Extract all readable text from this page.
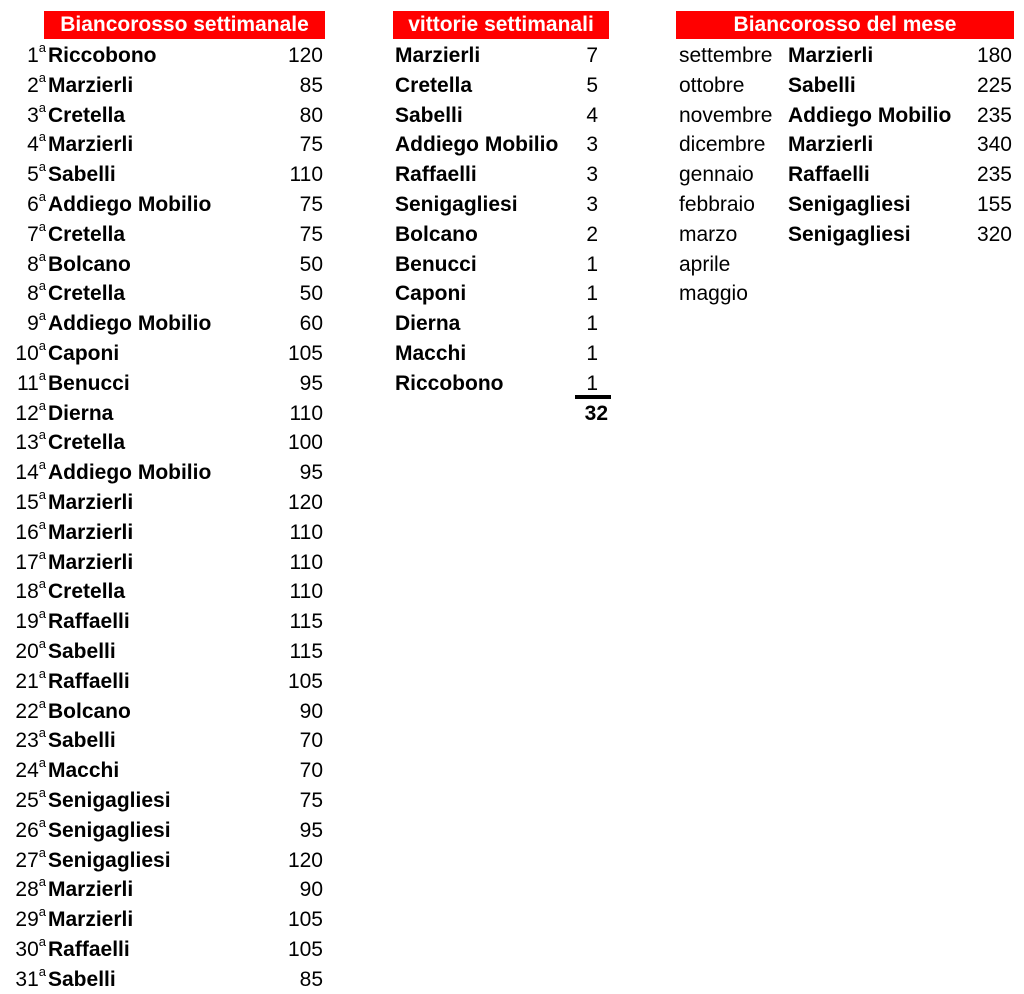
Biancorosso settimanale	vittorie settimanali	Biancorosso del mese
1$^a$ Riccobono	120
2$^a$ Marzierli	85
3$^a$ Cretella	80
4$^a$ Marzierli	75
5$^a$ Sabelli	110
6$^a$ Addiego Mobilio	75
7$^a$ Cretella	75
8$^a$ Bolcano	50
8$^a$ Cretella	50
9$^a$ Addiego Mobilio	60
10$^a$ Caponi	105
11$^a$ Benucci	95
12$^a$ Dierna	110
13$^a$ Cretella	100
14$^a$ Addiego Mobilio	95
15$^a$ Marzierli	120
16$^a$ Marzierli	110
17$^a$ Marzierli	110
18$^a$ Cretella	110
19$^a$ Raffaelli	115
20$^a$ Sabelli	115
21$^a$ Raffaelli	105
22$^a$ Bolcano	90
23$^a$ Sabelli	70
24$^a$ Macchi	70
25$^a$ Senigagliesi	75
26$^a$ Senigagliesi	95
27$^a$ Senigagliesi	120
28$^a$ Marzierli	90
29$^a$ Marzierli	105
30$^a$ Raffaelli	105
31$^a$ Sabelli	85
Marzierli	7
Cretella	5
Sabelli	4
Addiego Mobilio	3
Raffaelli	3
Senigagliesi	3
Bolcano	2
Benucci	1
Caponi	1
Dierna	1
Macchi	1
Riccobono	1
32
settembre Marzierli	180
ottobre	Sabelli	225
novembre Addiego Mobilio	235
dicembre	Marzierli	340
gennaio	Raffaelli	235
febbraio	Senigagliesi	155
marzo	Senigagliesi	320
aprile
maggio
